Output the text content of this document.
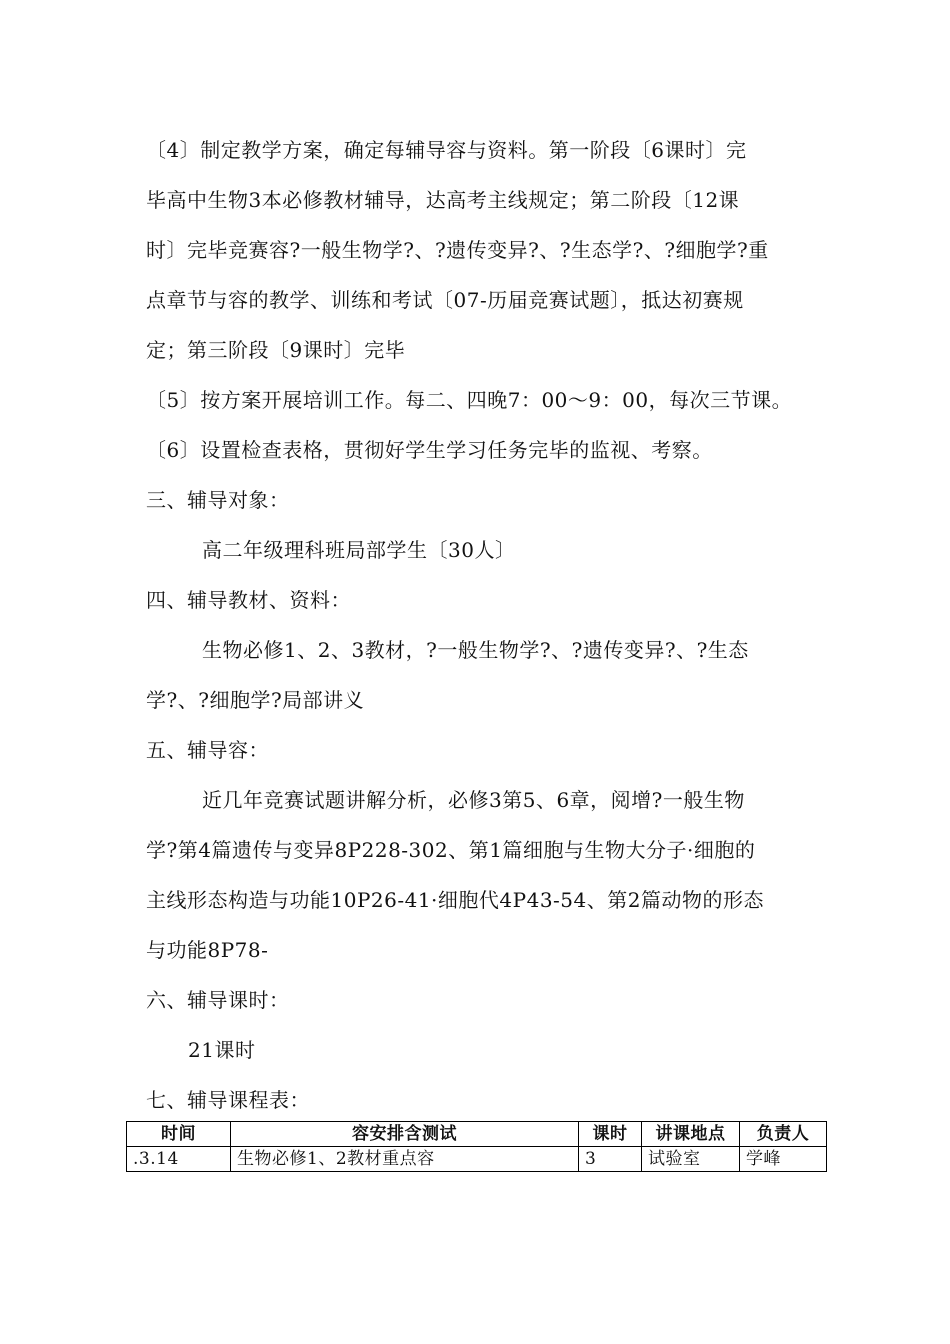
〔4〕制定教学方案，确定每辅导容与资料。第一阶段〔6课时〕完
毕高中生物3本必修教材辅导，达高考主线规定；第二阶段〔12课
时〕完毕竞赛容?一般生物学?、?遗传变异?、?生态学?、?细胞学?重
点章节与容的教学、训练和考试〔07-历届竞赛试题〕，抵达初赛规
定；第三阶段〔9课时〕完毕
〔5〕按方案开展培训工作。每二、四晚7：00～9：00，每次三节课。
〔6〕设置检查表格，贯彻好学生学习任务完毕的监视、考察。
三、辅导对象：
高二年级理科班局部学生〔30人〕
四、辅导教材、资料：
生物必修1、2、3教材，?一般生物学?、?遗传变异?、?生态
学?、?细胞学?局部讲义
五、辅导容：
近几年竞赛试题讲解分析，必修3第5、6章，阅增?一般生物
学?第4篇遗传与变异8P228-302、第1篇细胞与生物大分子·细胞的
主线形态构造与功能10P26-41·细胞代4P43-54、第2篇动物的形态
与功能8P78-
六、辅导课时：
21课时
七、辅导课程表：
时间	容安排含测试	课时	讲课地点	负责人
.3.14	生物必修1、2教材重点容	3	试验室	学峰
